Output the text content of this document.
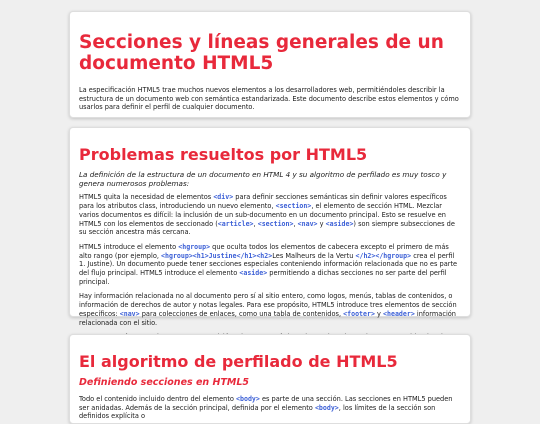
Secciones y líneas generales de un documento HTML5

La especificación HTML5 trae muchos nuevos elementos a los desarrolladores web, permitiéndoles describir la estructura de un documento web con semántica estandarizada. Este documento describe estos elementos y cómo usarlos para definir el perfil de cualquier documento.

Problemas resueltos por HTML5

La definición de la estructura de un documento en HTML 4 y su algoritmo de perfilado es muy tosco y genera numerosos problemas:

HTML5 quita la necesidad de elementos <div> para definir secciones semánticas sin definir valores específicos para los atributos class, introduciendo un nuevo elemento, <section>, el elemento de sección HTML. Mezclar varios documentos es difícil: la inclusión de un sub-documento en un documento principal. Esto se resuelve en HTML5 con los elementos de seccionado (<article>, <section>, <nav> y <aside>) son siempre subsecciones de su sección ancestra más cercana.

HTML5 introduce el elemento <hgroup> que oculta todos los elementos de cabecera excepto el primero de más alto rango (por ejemplo, <hgroup><h1>Justine</h1><h2>Les Malheurs de la Vertu </h2></hgroup> crea el perfil 1. Justine). Un documento puede tener secciones especiales conteniendo información relacionada que no es parte del flujo principal. HTML5 introduce el elemento <aside> permitiendo a dichas secciones no ser parte del perfil principal.

Hay información relacionada no al documento pero sí al sitio entero, como logos, menús, tablas de contenidos, o información de derechos de autor y notas legales. Para ese propósito, HTML5 introduce tres elementos de sección específicos: <nav> para colecciones de enlaces, como una tabla de contenidos, <footer> y <header> información relacionada con el sitio.

El algoritmo de perfilado de HTML5
Definiendo secciones en HTML5

Todo el contenido incluido dentro del elemento <body> es parte de una sección. Las secciones en HTML5 pueden ser anidadas. Además de la sección principal, definida por el elemento <body>, los límites de la sección son definidos explícita o
